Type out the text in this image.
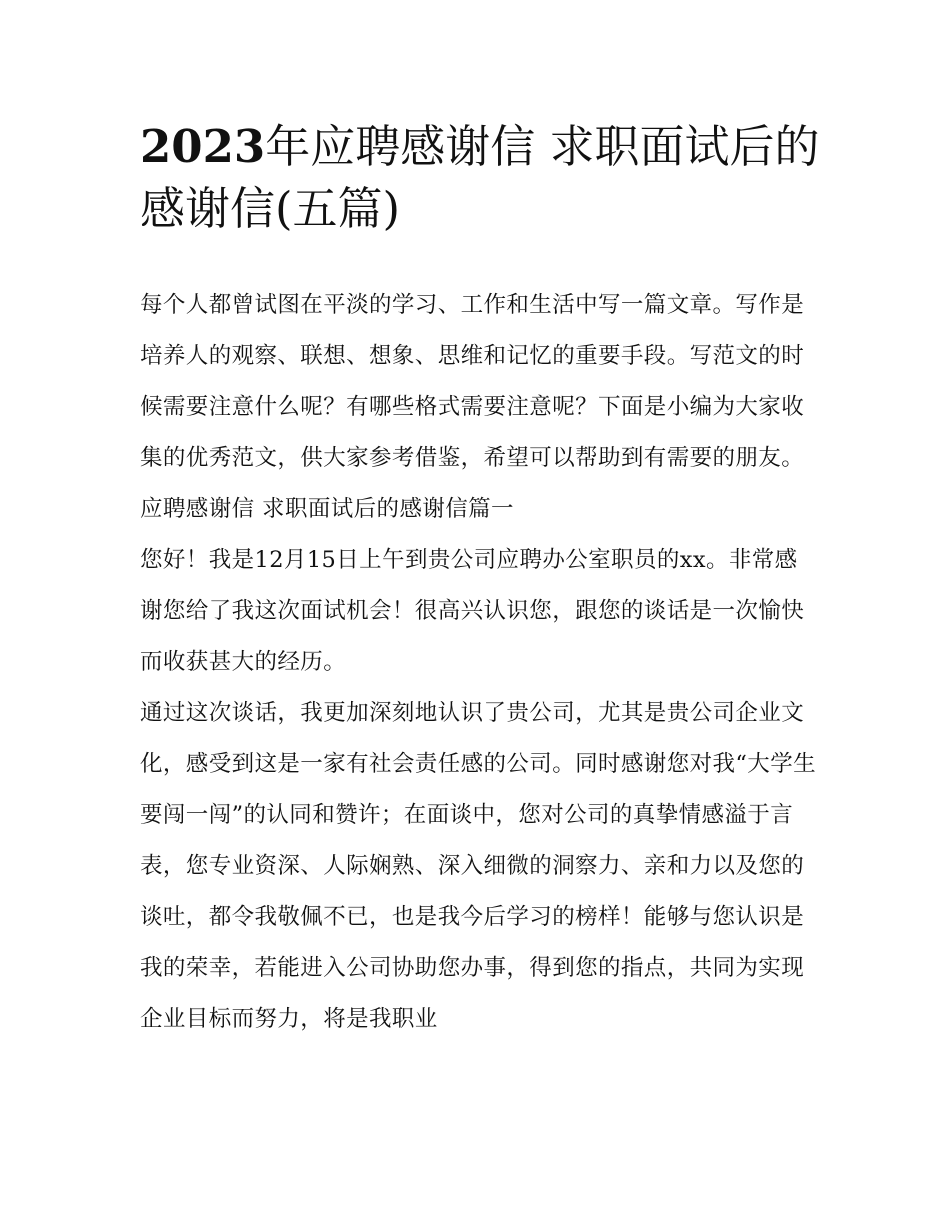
2023年应聘感谢信 求职面试后的感谢信(五篇)

每个人都曾试图在平淡的学习、工作和生活中写一篇文章。写作是培养人的观察、联想、想象、思维和记忆的重要手段。写范文的时候需要注意什么呢？有哪些格式需要注意呢？下面是小编为大家收集的优秀范文，供大家参考借鉴，希望可以帮助到有需要的朋友。

应聘感谢信 求职面试后的感谢信篇一

您好！我是12月15日上午到贵公司应聘办公室职员的xx。非常感谢您给了我这次面试机会！很高兴认识您，跟您的谈话是一次愉快而收获甚大的经历。

通过这次谈话，我更加深刻地认识了贵公司，尤其是贵公司企业文化，感受到这是一家有社会责任感的公司。同时感谢您对我“大学生要闯一闯”的认同和赞许；在面谈中，您对公司的真挚情感溢于言表，您专业资深、人际娴熟、深入细微的洞察力、亲和力以及您的谈吐，都令我敬佩不已，也是我今后学习的榜样！能够与您认识是我的荣幸，若能进入公司协助您办事，得到您的指点，共同为实现企业目标而努力，将是我职业
